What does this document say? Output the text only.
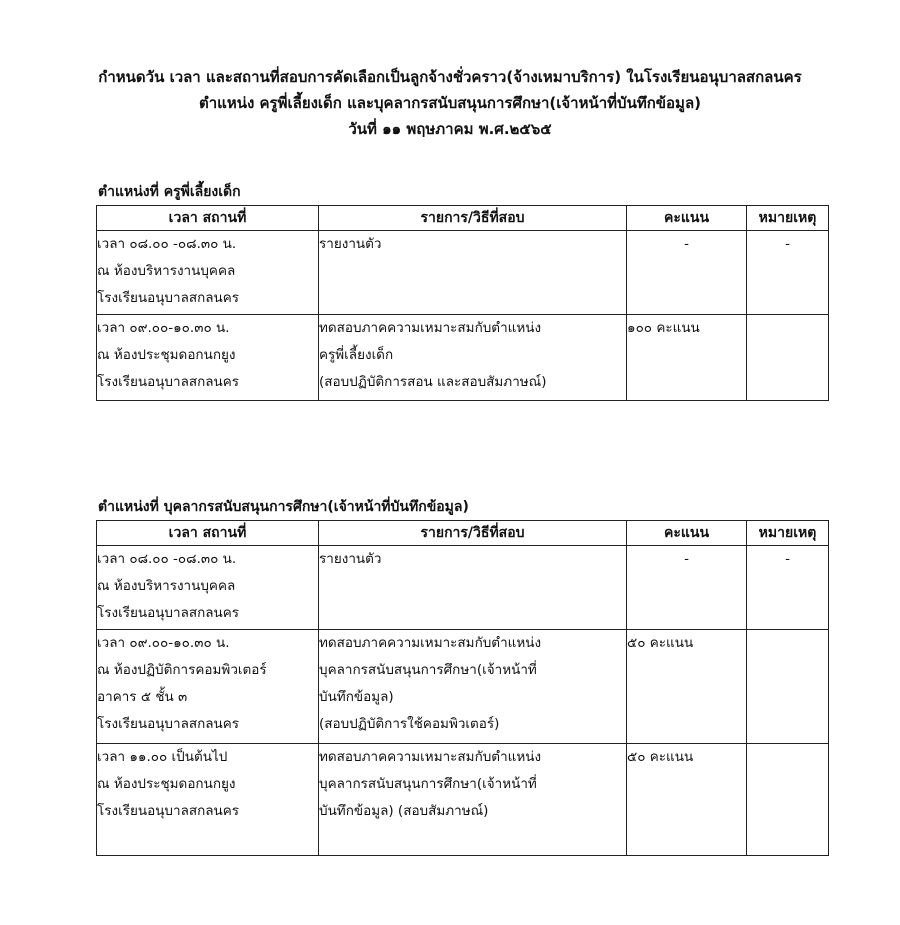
กำหนดวัน เวลา และสถานที่สอบการคัดเลือกเป็นลูกจ้างชั่วคราว(จ้างเหมาบริการ) ในโรงเรียนอนุบาลสกลนคร
ตำแหน่ง ครูพี่เลี้ยงเด็ก และบุคลากรสนับสนุนการศึกษา(เจ้าหน้าที่บันทึกข้อมูล)
วันที่ ๑๑ พฤษภาคม พ.ศ.๒๕๖๕
ตำแหน่งที่ ครูพี่เลี้ยงเด็ก
เวลา สถานที่	รายการ/วิธีที่สอบ	คะแนน	หมายเหตุ

เวลา ๐๘.๐๐ -๐๘.๓๐ น.
ณ ห้องบริหารงานบุคคล
โรงเรียนอนุบาลสกลนคร	รายงานตัว	-	-

เวลา ๐๙.๐๐-๑๐.๓๐ น.
ณ ห้องประชุมดอกนกยูง
โรงเรียนอนุบาลสกลนคร	ทดสอบภาคความเหมาะสมกับตำแหน่ง
ครูพี่เลี้ยงเด็ก
(สอบปฏิบัติการสอน และสอบสัมภาษณ์)	๑๐๐ คะแนน	

ตำแหน่งที่ บุคลากรสนับสนุนการศึกษา(เจ้าหน้าที่บันทึกข้อมูล)
เวลา สถานที่	รายการ/วิธีที่สอบ	คะแนน	หมายเหตุ

เวลา ๐๘.๐๐ -๐๘.๓๐ น.
ณ ห้องบริหารงานบุคคล
โรงเรียนอนุบาลสกลนคร	รายงานตัว	-	-

เวลา ๐๙.๐๐-๑๐.๓๐ น.
ณ ห้องปฏิบัติการคอมพิวเตอร์
อาคาร ๕ ชั้น ๓
โรงเรียนอนุบาลสกลนคร	ทดสอบภาคความเหมาะสมกับตำแหน่ง
บุคลากรสนับสนุนการศึกษา(เจ้าหน้าที่
บันทึกข้อมูล)
(สอบปฏิบัติการใช้คอมพิวเตอร์)	๕๐ คะแนน	

เวลา ๑๑.๐๐ เป็นต้นไป
ณ ห้องประชุมดอกนกยูง
โรงเรียนอนุบาลสกลนคร	ทดสอบภาคความเหมาะสมกับตำแหน่ง
บุคลากรสนับสนุนการศึกษา(เจ้าหน้าที่
บันทึกข้อมูล) (สอบสัมภาษณ์)	๕๐ คะแนน	
